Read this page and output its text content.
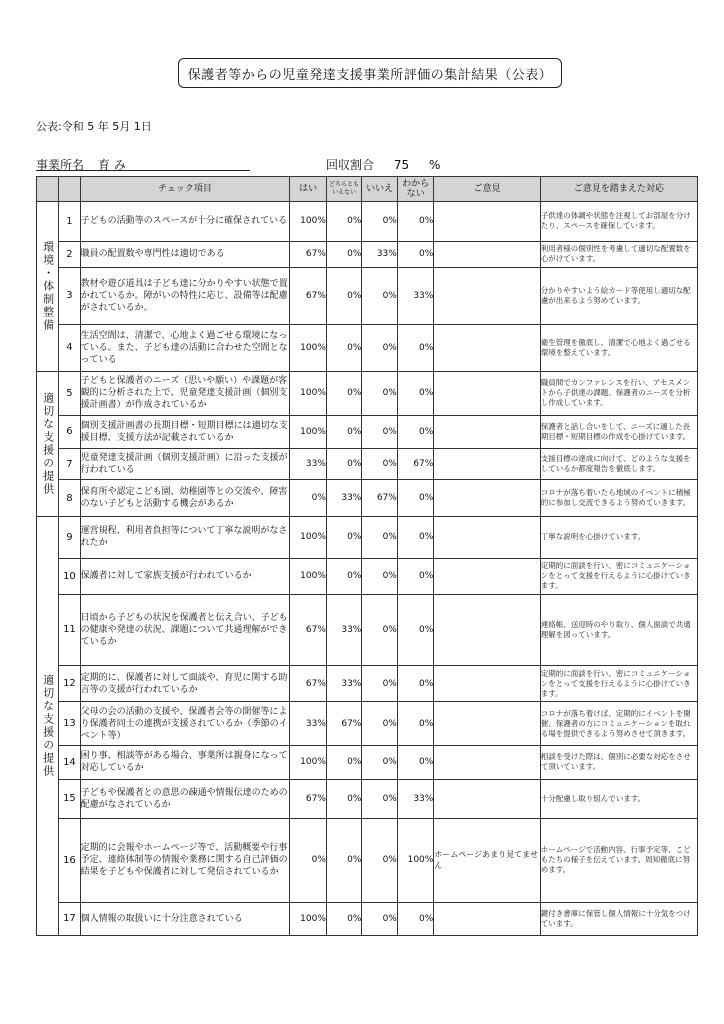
保護者等からの児童発達支援事業所評価の集計結果（公表）
公表:令和 5 年 5月 1日
事業所名 育 み	回収割合 75 %
		チェック項目	はい	どちらともいえない	いいえ	わからない	ご意見	ご意見を踏まえた対応

環境・体制整備	1	子どもの活動等のスペースが十分に確保されている	100%	0%	0%	0%		子供達の体調や状態を注視してお部屋を分けたり、スペースを確保しています。
	2	職員の配置数や専門性は適切である	67%	0%	33%	0%		利用者様の個別性を考慮して適切な配置数を心がけています。
	3	教材や遊び道具は子ども達に分かりやすい状態で置かれているか。障がいの特性に応じ、設備等は配慮がされているか。	67%	0%	0%	33%		分かりやすいよう絵カード等使用し適切な配慮が出来るよう努めています。
	4	生活空間は、清潔で、心地よく過ごせる環境になっている。また、子ども達の活動に合わせた空間となっている	100%	0%	0%	0%		衛生管理を徹底し、清潔で心地よく過ごせる環境を整えています。

適切な支援の提供	5	子どもと保護者のニーズ（思いや願い）や課題が客観的に分析された上で、児童発達支援計画（個別支援計画書）が作成されているか	100%	0%	0%	0%		職員間でカンファレンスを行い、アセスメントから子供達の課題、保護者のニーズを分析し作成しています。
	6	個別支援計画書の長期目標・短期目標には適切な支援目標、支援方法が記載されているか	100%	0%	0%	0%		保護者と話し合いをして、ニーズに適した長期目標・短期目標の作成を心掛けています。
	7	児童発達支援計画（個別支援計画）に沿った支援が行われている	33%	0%	0%	67%		支援目標の達成に向けて、どのような支援をしているか都度報告を徹底します。
	8	保育所や認定こども園、幼稚園等との交流や、障害のない子どもと活動する機会があるか	0%	33%	67%	0%		コロナが落ち着いたら地域のイベントに積極的に参加し交流できるよう努めていきます。

適切な支援の提供	9	運営規程、利用者負担等について丁寧な説明がなされたか	100%	0%	0%	0%		丁寧な説明を心掛けています。
	10	保護者に対して家族支援が行われているか	100%	0%	0%	0%		定期的に面談を行い、密にコミュニケーションをとって支援を行えるように心掛けていきます。
	11	日頃から子どもの状況を保護者と伝え合い、子どもの健康や発達の状況、課題について共通理解ができているか	67%	33%	0%	0%		連絡帳、送迎時のやり取り、個人面談で共通理解を図っています。
	12	定期的に、保護者に対して面談や、育児に関する助言等の支援が行われているか	67%	33%	0%	0%		定期的に面談を行い、密にコミュニケーションをとって支援を行えるように心掛けていきます。
	13	父母の会の活動の支援や、保護者会等の開催等により保護者同士の連携が支援されているか（季節のイベント等）	33%	67%	0%	0%		コロナが落ち着けば、定期的にイベントを開催、保護者の方にコミュニケーションを取れる場を提供できるよう努めさせて頂きます。
	14	困り事、相談等がある場合、事業所は親身になって対応しているか	100%	0%	0%	0%		相談を受けた際は、個別に必要な対応をさせて頂いています。
	15	子どもや保護者との意思の疎通や情報伝達のための配慮がなされているか	67%	0%	0%	33%		十分配慮し取り組んでいます。
	16	定期的に会報やホームページ等で、活動概要や行事予定、連絡体制等の情報や業務に関する自己評価の結果を子どもや保護者に対して発信されているか	0%	0%	0%	100%	ホームページあまり見てません	ホームページで活動内容、行事予定等、こどもたちの様子を伝えています。周知徹底に努めます。
	17	個人情報の取扱いに十分注意されている	100%	0%	0%	0%		鍵付き書庫に保管し個人情報に十分気をつけています。
